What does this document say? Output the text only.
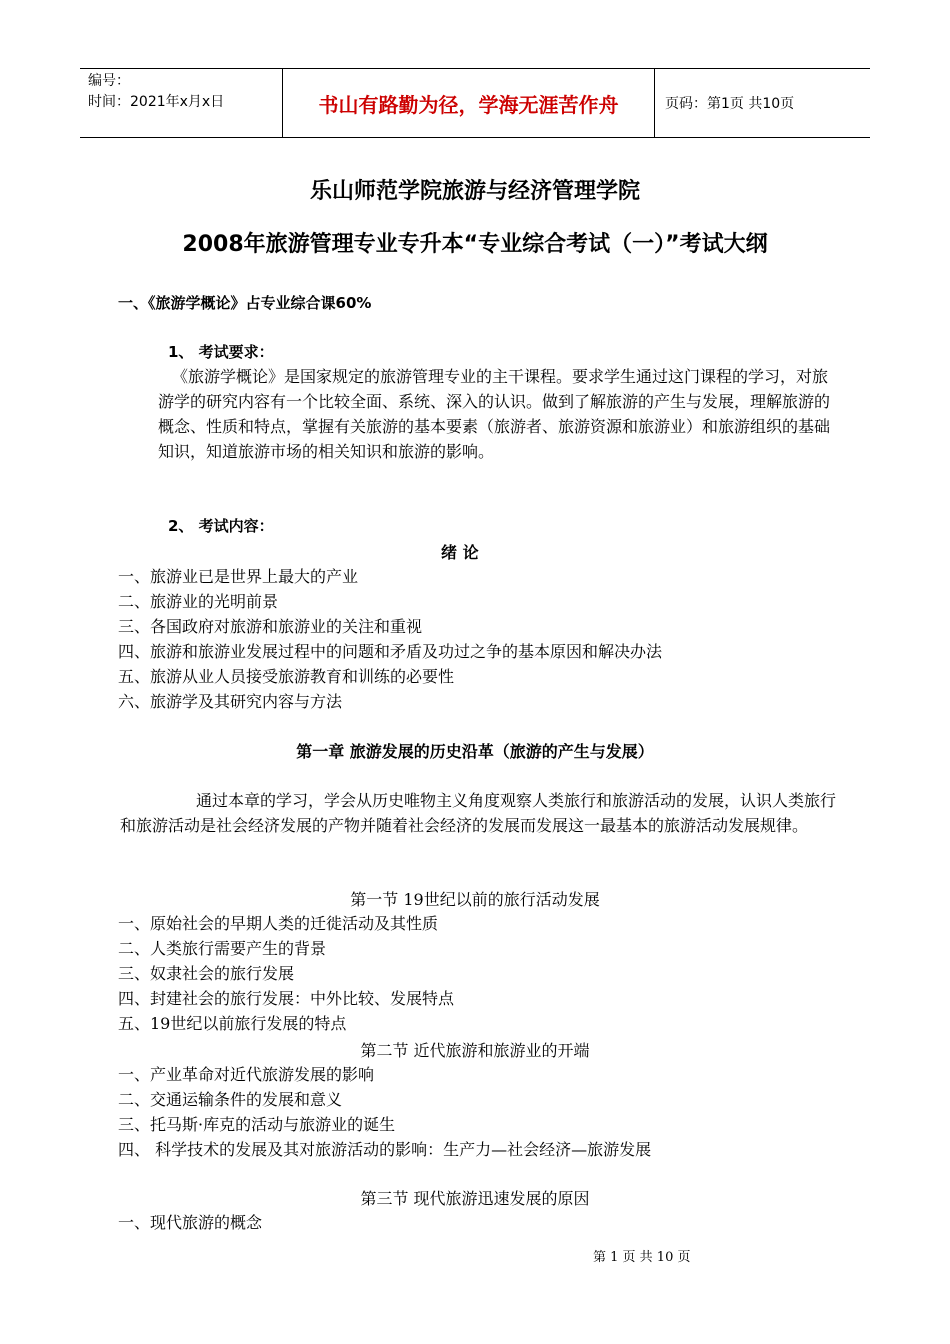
编号：
时间：2021年x月x日	书山有路勤为径，学海无涯苦作舟	页码：第1页 共10页
乐山师范学院旅游与经济管理学院
2008年旅游管理专业专升本“专业综合考试（一）”考试大纲
一、《旅游学概论》占专业综合课60%
1、 考试要求：
《旅游学概论》是国家规定的旅游管理专业的主干课程。要求学生通过这门课程的学习，对旅游学的研究内容有一个比较全面、系统、深入的认识。做到了解旅游的产生与发展，理解旅游的概念、性质和特点，掌握有关旅游的基本要素（旅游者、旅游资源和旅游业）和旅游组织的基础知识，知道旅游市场的相关知识和旅游的影响。
2、 考试内容：
绪 论
一、旅游业已是世界上最大的产业
二、旅游业的光明前景
三、各国政府对旅游和旅游业的关注和重视
四、旅游和旅游业发展过程中的问题和矛盾及功过之争的基本原因和解决办法
五、旅游从业人员接受旅游教育和训练的必要性
六、旅游学及其研究内容与方法
第一章 旅游发展的历史沿革（旅游的产生与发展）
通过本章的学习，学会从历史唯物主义角度观察人类旅行和旅游活动的发展，认识人类旅行和旅游活动是社会经济发展的产物并随着社会经济的发展而发展这一最基本的旅游活动发展规律。
第一节 19世纪以前的旅行活动发展
一、原始社会的早期人类的迁徙活动及其性质
二、人类旅行需要产生的背景
三、奴隶社会的旅行发展
四、封建社会的旅行发展：中外比较、发展特点
五、19世纪以前旅行发展的特点
第二节 近代旅游和旅游业的开端
一、产业革命对近代旅游发展的影响
二、交通运输条件的发展和意义
三、托马斯·库克的活动与旅游业的诞生
四、 科学技术的发展及其对旅游活动的影响：生产力—社会经济—旅游发展
第三节 现代旅游迅速发展的原因
一、现代旅游的概念
第 1 页 共 10 页
